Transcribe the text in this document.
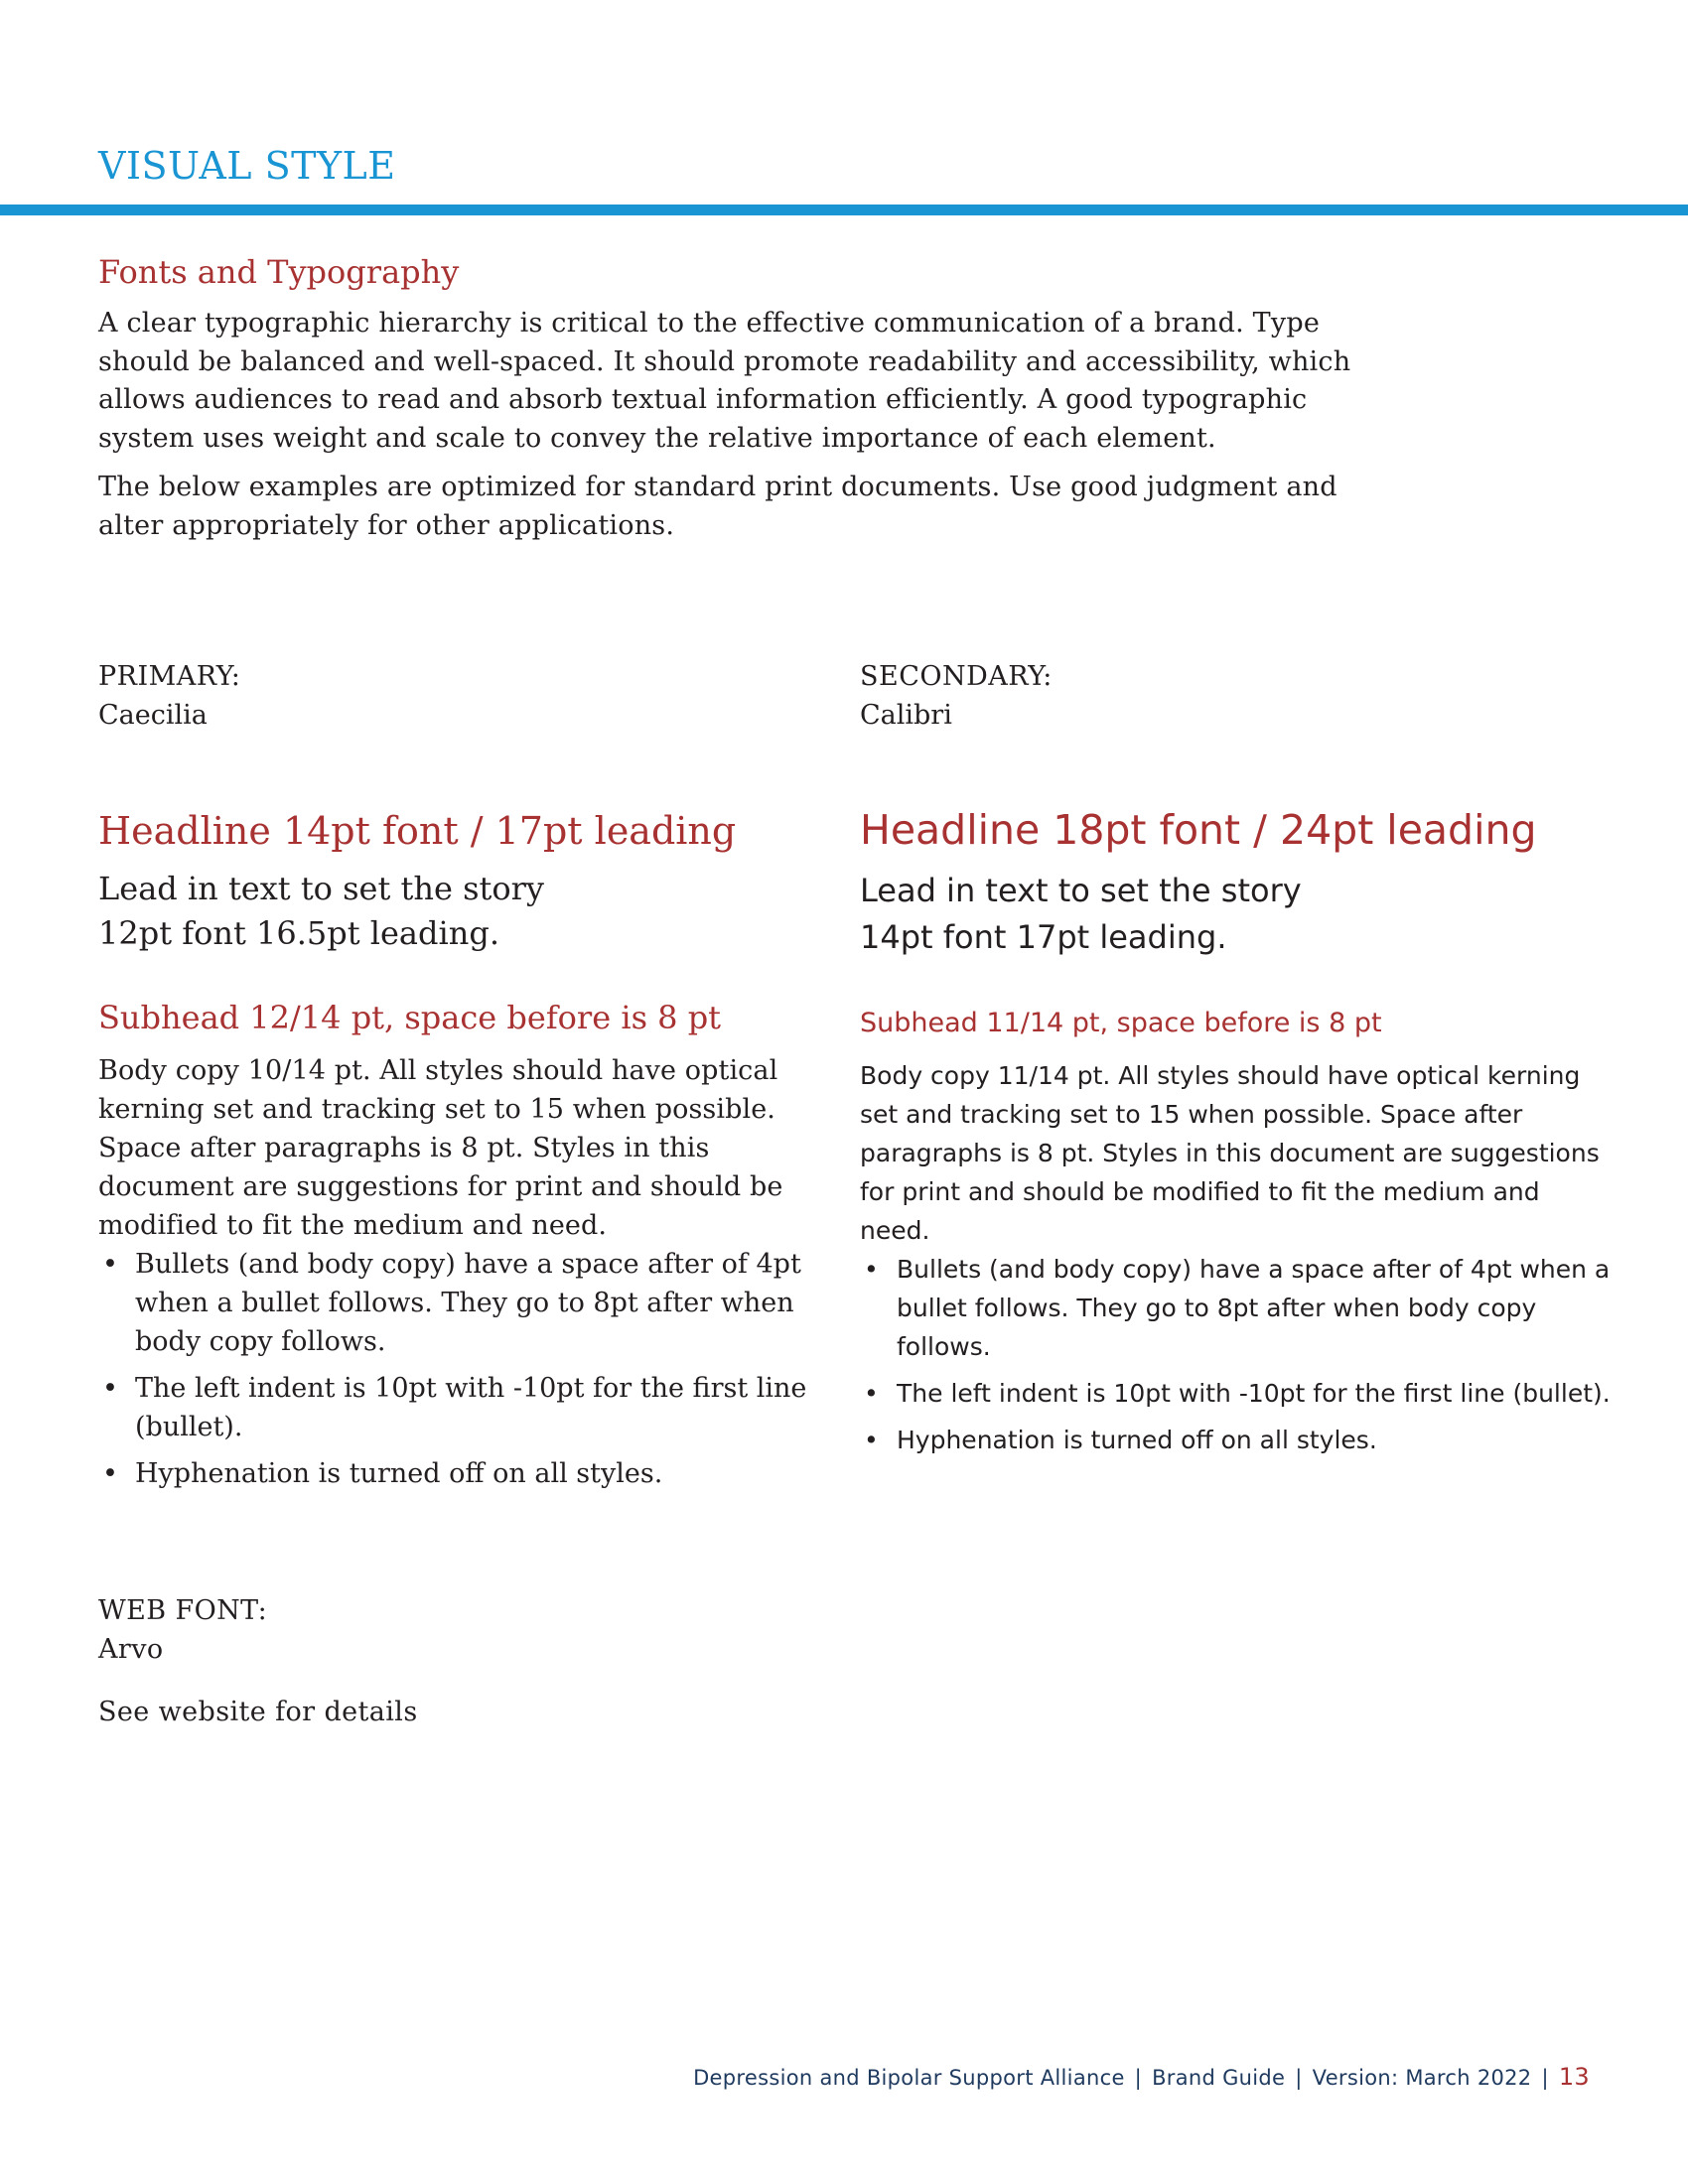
VISUAL STYLE
Fonts and Typography

A clear typographic hierarchy is critical to the effective communication of a brand. Type should be balanced and well-spaced. It should promote readability and accessibility, which allows audiences to read and absorb textual information efficiently. A good typographic system uses weight and scale to convey the relative importance of each element.

The below examples are optimized for standard print documents. Use good judgment and alter appropriately for other applications.

PRIMARY:
Caecilia
Headline 14pt font / 17pt leading

Lead in text to set the story
12pt font 16.5pt leading.

Subhead 12/14 pt, space before is 8 pt

Body copy 10/14 pt. All styles should have optical kerning set and tracking set to 15 when possible. Space after paragraphs is 8 pt. Styles in this document are suggestions for print and should be modified to fit the medium and need.

• Bullets (and body copy) have a space after of 4pt when a bullet follows. They go to 8pt after when body copy follows.
• The left indent is 10pt with -10pt for the first line (bullet).
• Hyphenation is turned off on all styles.
SECONDARY:
Calibri
Headline 18pt font / 24pt leading

Lead in text to set the story
14pt font 17pt leading.

Subhead 11/14 pt, space before is 8 pt

Body copy 11/14 pt. All styles should have optical kerning set and tracking set to 15 when possible. Space after paragraphs is 8 pt. Styles in this document are suggestions for print and should be modified to fit the medium and need.

• Bullets (and body copy) have a space after of 4pt when a bullet follows. They go to 8pt after when body copy follows.
• The left indent is 10pt with -10pt for the first line (bullet).
• Hyphenation is turned off on all styles.
WEB FONT:
Arvo
See website for details
Depression and Bipolar Support Alliance | Brand Guide | Version: March 2022 | 13
